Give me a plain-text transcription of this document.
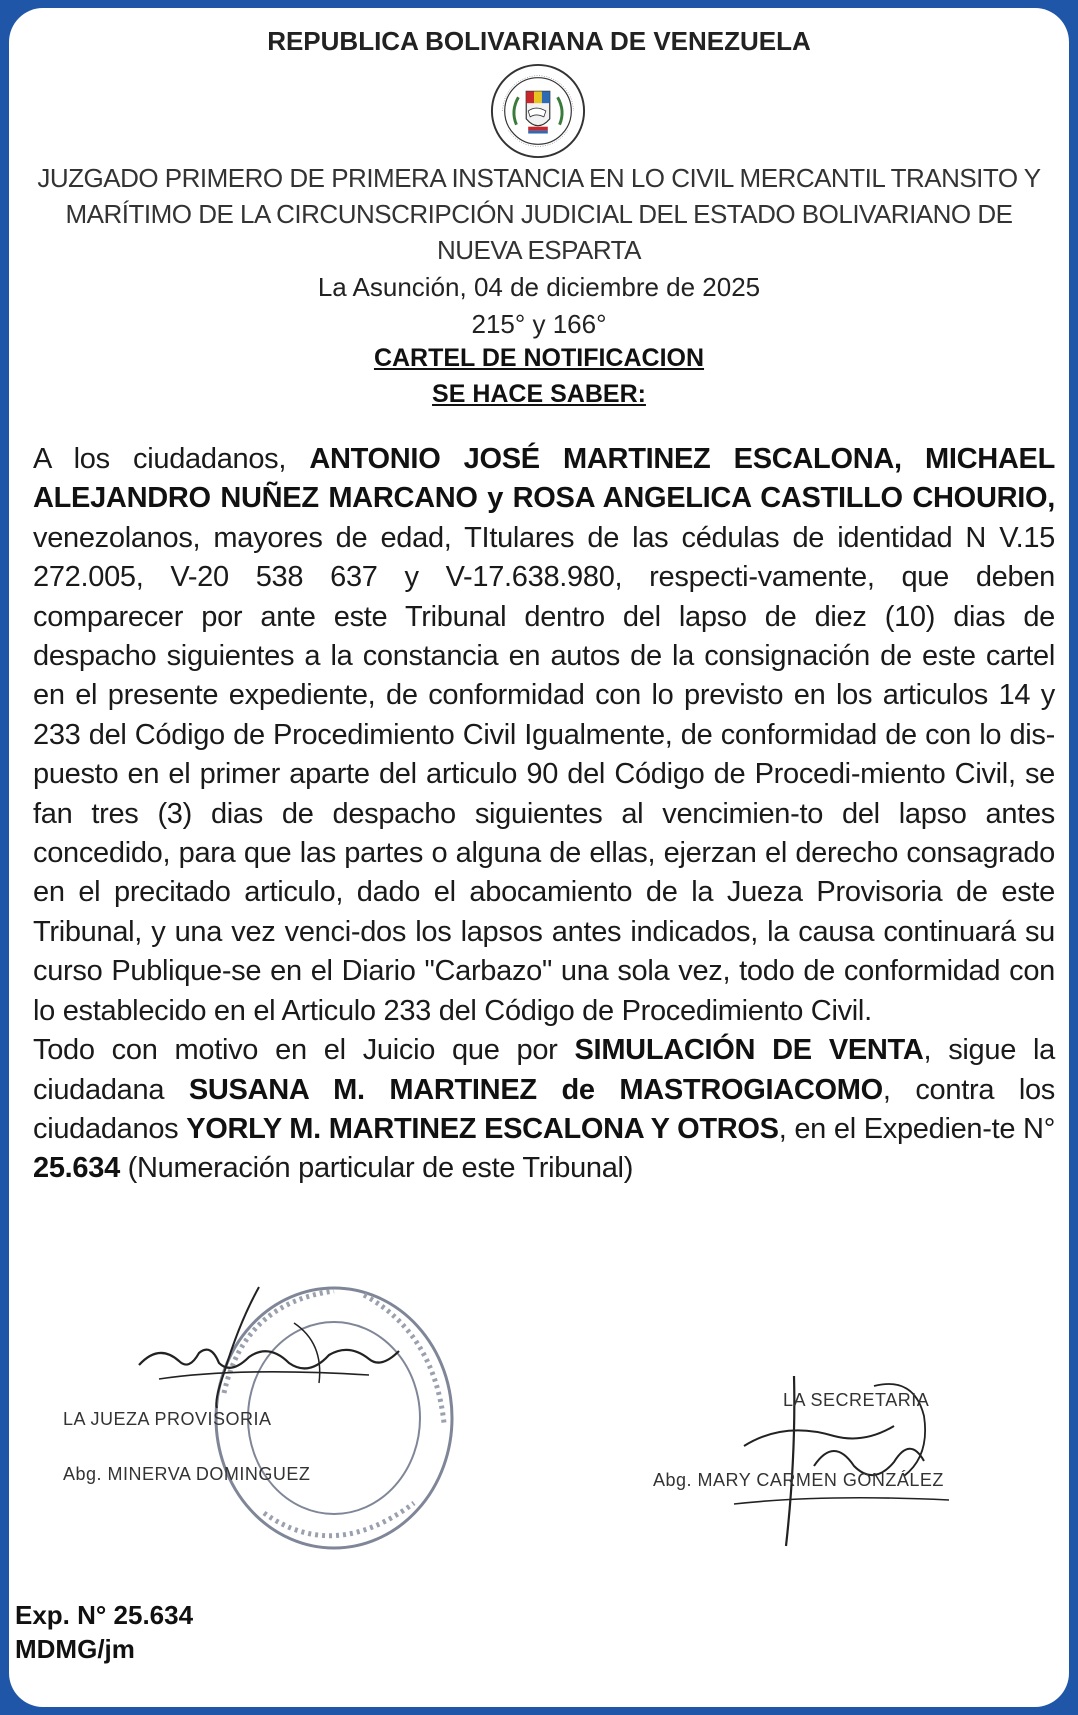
REPUBLICA BOLIVARIANA DE VENEZUELA
JUZGADO PRIMERO DE PRIMERA INSTANCIA EN LO CIVIL MERCANTIL TRANSITO Y MARÍTIMO DE LA CIRCUNSCRIPCIÓN JUDICIAL DEL ESTADO BOLIVARIANO DE NUEVA ESPARTA
La Asunción, 04 de diciembre de 2025
215° y 166°
CARTEL DE NOTIFICACION
SE HACE SABER:

A los ciudadanos, ANTONIO JOSÉ MARTINEZ ESCALONA, MICHAEL ALEJANDRO NUÑEZ MARCANO y ROSA ANGELICA CASTILLO CHOURIO, venezolanos, mayores de edad, TItulares de las cédulas de identidad N V.15 272.005, V-20 538 637 y V-17.638.980, respecti-vamente, que deben comparecer por ante este Tribunal dentro del lapso de diez (10) dias de despacho siguientes a la constancia en autos de la consignación de este cartel en el presente expediente, de conformidad con lo previsto en los articulos 14 y 233 del Código de Procedimiento Civil Igualmente, de conformidad de con lo dis-puesto en el primer aparte del articulo 90 del Código de Procedi-miento Civil, se fan tres (3) dias de despacho siguientes al vencimien-to del lapso antes concedido, para que las partes o alguna de ellas, ejerzan el derecho consagrado en el precitado articulo, dado el abocamiento de la Jueza Provisoria de este Tribunal, y una vez venci-dos los lapsos antes indicados, la causa continuará su curso Publique-se en el Diario "Carbazo" una sola vez, todo de conformidad con lo establecido en el Articulo 233 del Código de Procedimiento Civil.

Todo con motivo en el Juicio que por SIMULACIÓN DE VENTA, sigue la ciudadana SUSANA M. MARTINEZ de MASTROGIACOMO, contra los ciudadanos YORLY M. MARTINEZ ESCALONA Y OTROS, en el Expedien-te N° 25.634 (Numeración particular de este Tribunal)

LA JUEZA PROVISORIA
Abg. MINERVA DOMINGUEZ
LA SECRETARIA
Abg. MARY CARMEN GONZÁLEZ
Exp. N° 25.634
MDMG/jm
